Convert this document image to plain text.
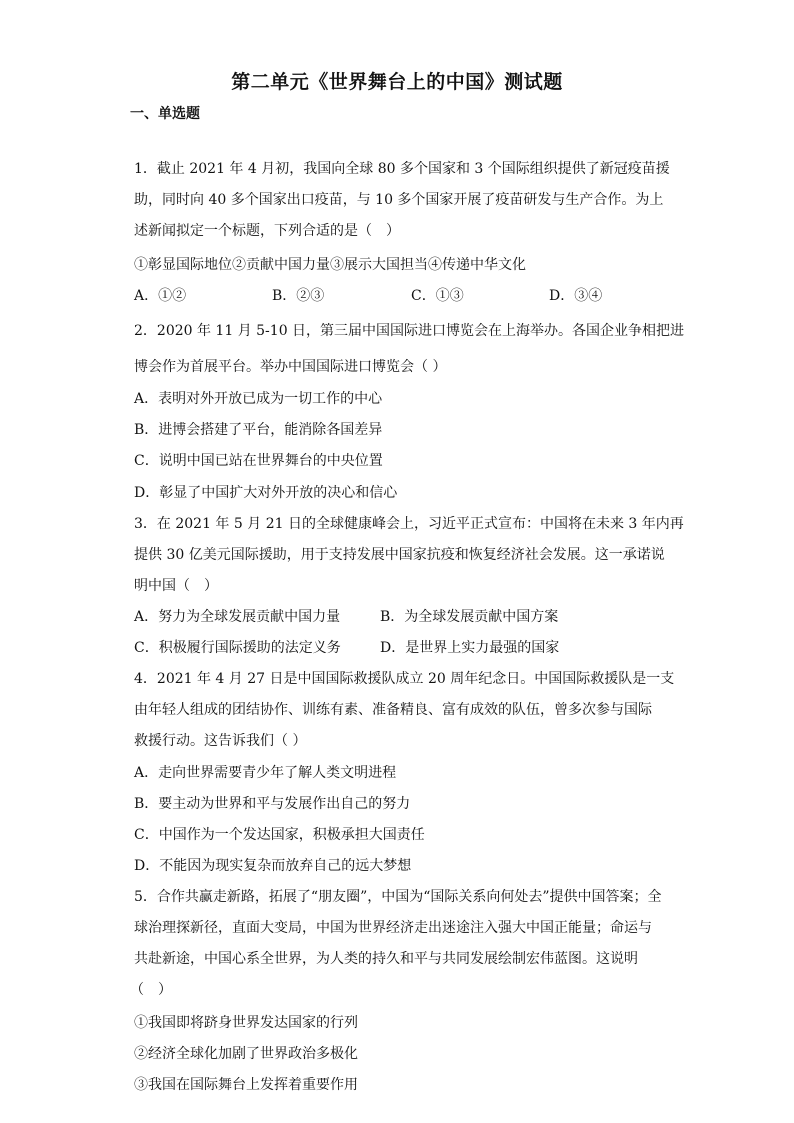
第二单元《世界舞台上的中国》测试题
一、单选题
1．截止 2021 年 4 月初，我国向全球 80 多个国家和 3 个国际组织提供了新冠疫苗援
助，同时向 40 多个国家出口疫苗，与 10 多个国家开展了疫苗研发与生产合作。为上
述新闻拟定一个标题，下列合适的是（　）
①彰显国际地位②贡献中国力量③展示大国担当④传递中华文化
A．①②	B．②③	C．①③	D．③④
2．2020 年 11 月 5-10 日，第三届中国国际进口博览会在上海举办。各国企业争相把进
博会作为首展平台。举办中国国际进口博览会（ ）
A．表明对外开放已成为一切工作的中心
B．进博会搭建了平台，能消除各国差异
C．说明中国已站在世界舞台的中央位置
D．彰显了中国扩大对外开放的决心和信心
3．在 2021 年 5 月 21 日的全球健康峰会上，习近平正式宣布：中国将在未来 3 年内再
提供 30 亿美元国际援助，用于支持发展中国家抗疫和恢复经济社会发展。这一承诺说
明中国（　）
A．努力为全球发展贡献中国力量	B．为全球发展贡献中国方案
C．积极履行国际援助的法定义务	D．是世界上实力最强的国家
4．2021 年 4 月 27 日是中国国际救援队成立 20 周年纪念日。中国国际救援队是一支
由年轻人组成的团结协作、训练有素、准备精良、富有成效的队伍，曾多次参与国际
救援行动。这告诉我们（ ）
A．走向世界需要青少年了解人类文明进程
B．要主动为世界和平与发展作出自己的努力
C．中国作为一个发达国家，积极承担大国责任
D．不能因为现实复杂而放弃自己的远大梦想
5．合作共赢走新路，拓展了“朋友圈”，中国为“国际关系向何处去”提供中国答案；全
球治理探新径，直面大变局，中国为世界经济走出迷途注入强大中国正能量；命运与
共赴新途，中国心系全世界，为人类的持久和平与共同发展绘制宏伟蓝图。这说明
（　）
①我国即将跻身世界发达国家的行列
②经济全球化加剧了世界政治多极化
③我国在国际舞台上发挥着重要作用
